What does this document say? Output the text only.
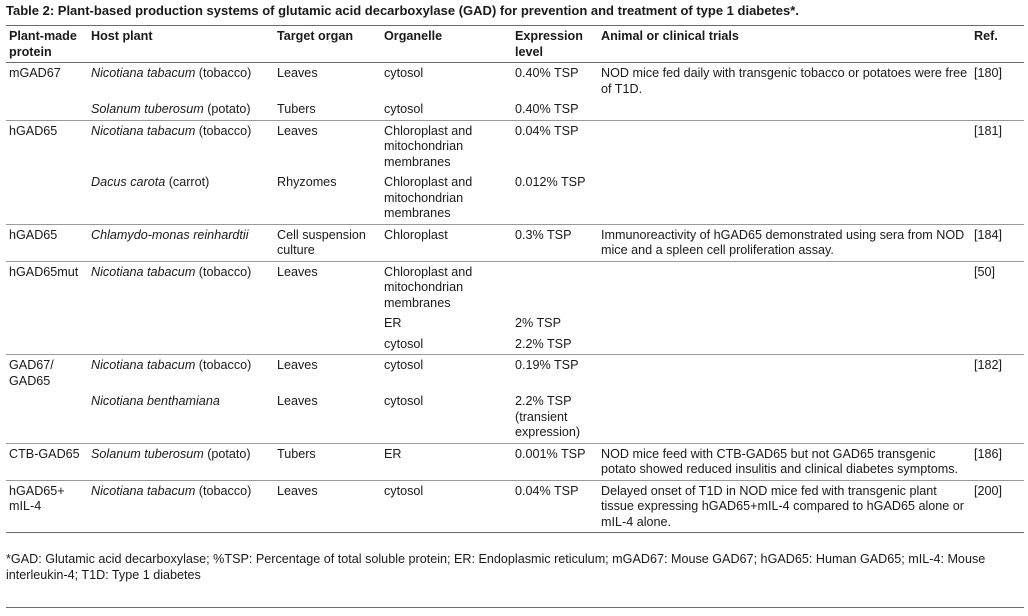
Table 2: Plant-based production systems of glutamic acid decarboxylase (GAD) for prevention and treatment of type 1 diabetes*.
Plant-made protein	Host plant	Target organ	Organelle	Expression level	Animal or clinical trials	Ref.
mGAD67	Nicotiana tabacum (tobacco)	Leaves	cytosol	0.40% TSP	NOD mice fed daily with transgenic tobacco or potatoes were free of T1D.	[180]
	Solanum tuberosum (potato)	Tubers	cytosol	0.40% TSP		
hGAD65	Nicotiana tabacum (tobacco)	Leaves	Chloroplast and mitochondrian membranes	0.04% TSP		[181]
	Dacus carota (carrot)	Rhyzomes	Chloroplast and mitochondrian membranes	0.012% TSP		
hGAD65	Chlamydo-monas reinhardtii	Cell suspension culture	Chloroplast	0.3% TSP	Immunoreactivity of hGAD65 demonstrated using sera from NOD mice and a spleen cell proliferation assay.	[184]
hGAD65mut	Nicotiana tabacum (tobacco)	Leaves	Chloroplast and mitochondrian membranes			[50]
			ER	2% TSP		
			cytosol	2.2% TSP		
GAD67/ GAD65	Nicotiana tabacum (tobacco)	Leaves	cytosol	0.19% TSP		[182]
	Nicotiana benthamiana	Leaves	cytosol	2.2% TSP (transient expression)		
CTB-GAD65	Solanum tuberosum (potato)	Tubers	ER	0.001% TSP	NOD mice feed with CTB-GAD65 but not GAD65 transgenic potato showed reduced insulitis and clinical diabetes symptoms.	[186]
hGAD65+ mIL-4	Nicotiana tabacum (tobacco)	Leaves	cytosol	0.04% TSP	Delayed onset of T1D in NOD mice fed with transgenic plant tissue expressing hGAD65+mIL-4 compared to hGAD65 alone or mIL-4 alone.	[200]
*GAD: Glutamic acid decarboxylase; %TSP: Percentage of total soluble protein; ER: Endoplasmic reticulum; mGAD67: Mouse GAD67; hGAD65: Human GAD65; mIL-4: Mouse interleukin-4; T1D: Type 1 diabetes
